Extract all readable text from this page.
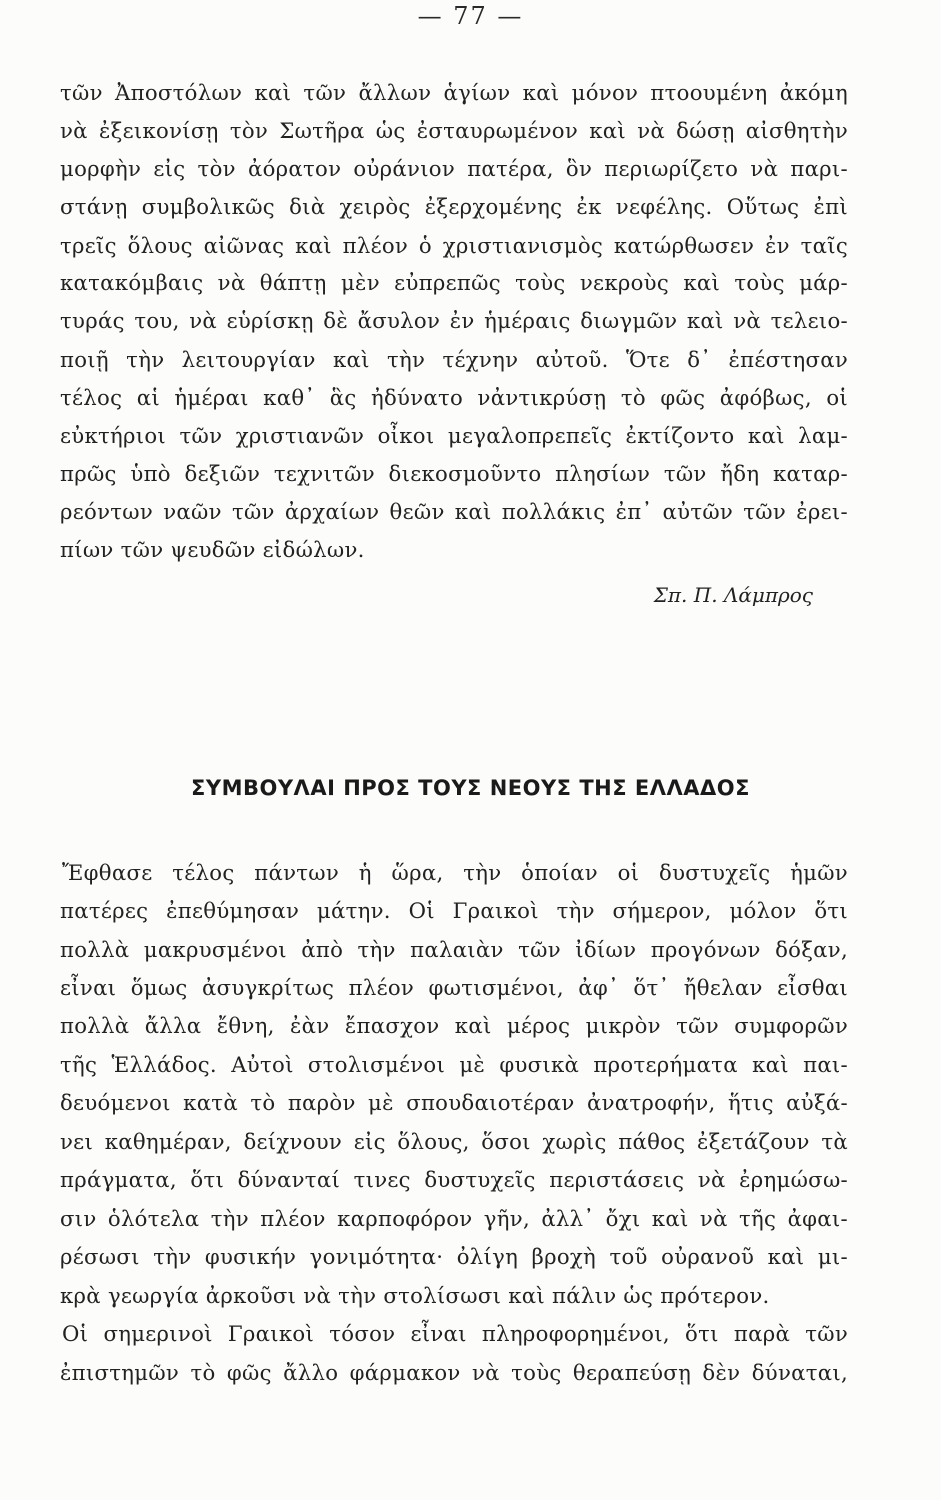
— 77 —
τῶν Ἀποστόλων καὶ τῶν ἄλλων ἁγίων καὶ μόνον πτοουμένη ἀκόμη
νὰ ἐξεικονίσῃ τὸν Σωτῆρα ὡς ἐσταυρωμένον καὶ νὰ δώσῃ αἰσθητὴν
μορφὴν εἰς τὸν ἀόρατον οὐράνιον πατέρα, ὃν περιωρίζετο νὰ παρι-
στάνῃ συμβολικῶς διὰ χειρὸς ἐξερχομένης ἐκ νεφέλης. Οὕτως ἐπὶ
τρεῖς ὅλους αἰῶνας καὶ πλέον ὁ χριστιανισμὸς κατώρθωσεν ἐν ταῖς
κατακόμβαις νὰ θάπτῃ μὲν εὐπρεπῶς τοὺς νεκροὺς καὶ τοὺς μάρ-
τυράς του, νὰ εὑρίσκῃ δὲ ἄσυλον ἐν ἡμέραις διωγμῶν καὶ νὰ τελειο-
ποιῇ τὴν λειτουργίαν καὶ τὴν τέχνην αὐτοῦ. Ὅτε δ᾽ ἐπέστησαν
τέλος αἱ ἡμέραι καθ᾽ ἃς ἠδύνατο νἀντικρύσῃ τὸ φῶς ἀφόβως, οἱ
εὐκτήριοι τῶν χριστιανῶν οἶκοι μεγαλοπρεπεῖς ἐκτίζοντο καὶ λαμ-
πρῶς ὑπὸ δεξιῶν τεχνιτῶν διεκοσμοῦντο πλησίων τῶν ἤδη καταρ-
ρεόντων ναῶν τῶν ἀρχαίων θεῶν καὶ πολλάκις ἐπ᾽ αὐτῶν τῶν ἐρει-
πίων τῶν ψευδῶν εἰδώλων.
Σπ. Π. Λάμπρος
ΣΥΜΒΟΥΛΑΙ ΠΡΟΣ ΤΟΥΣ ΝΕΟΥΣ ΤΗΣ ΕΛΛΑΔΟΣ
Ἔφθασε τέλος πάντων ἡ ὥρα, τὴν ὁποίαν οἱ δυστυχεῖς ἡμῶν
πατέρες ἐπεθύμησαν μάτην. Οἱ Γραικοὶ τὴν σήμερον, μόλον ὅτι
πολλὰ μακρυσμένοι ἀπὸ τὴν παλαιὰν τῶν ἰδίων προγόνων δόξαν,
εἶναι ὅμως ἀσυγκρίτως πλέον φωτισμένοι, ἀφ᾽ ὅτ᾽ ἤθελαν εἶσθαι
πολλὰ ἄλλα ἔθνη, ἐὰν ἔπασχον καὶ μέρος μικρὸν τῶν συμφορῶν
τῆς Ἑλλάδος. Αὐτοὶ στολισμένοι μὲ φυσικὰ προτερήματα καὶ παι-
δευόμενοι κατὰ τὸ παρὸν μὲ σπουδαιοτέραν ἀνατροφήν, ἥτις αὐξά-
νει καθημέραν, δείχνουν εἰς ὅλους, ὅσοι χωρὶς πάθος ἐξετάζουν τὰ
πράγματα, ὅτι δύνανταί τινες δυστυχεῖς περιστάσεις νὰ ἐρημώσω-
σιν ὁλότελα τὴν πλέον καρποφόρον γῆν, ἀλλ᾽ ὄχι καὶ νὰ τῆς ἀφαι-
ρέσωσι τὴν φυσικήν γονιμότητα· ὀλίγη βροχὴ τοῦ οὐρανοῦ καὶ μι-
κρὰ γεωργία ἀρκοῦσι νὰ τὴν στολίσωσι καὶ πάλιν ὡς πρότερον.
Οἱ σημερινοὶ Γραικοὶ τόσον εἶναι πληροφορημένοι, ὅτι παρὰ τῶν
ἐπιστημῶν τὸ φῶς ἄλλο φάρμακον νὰ τοὺς θεραπεύσῃ δὲν δύναται,
